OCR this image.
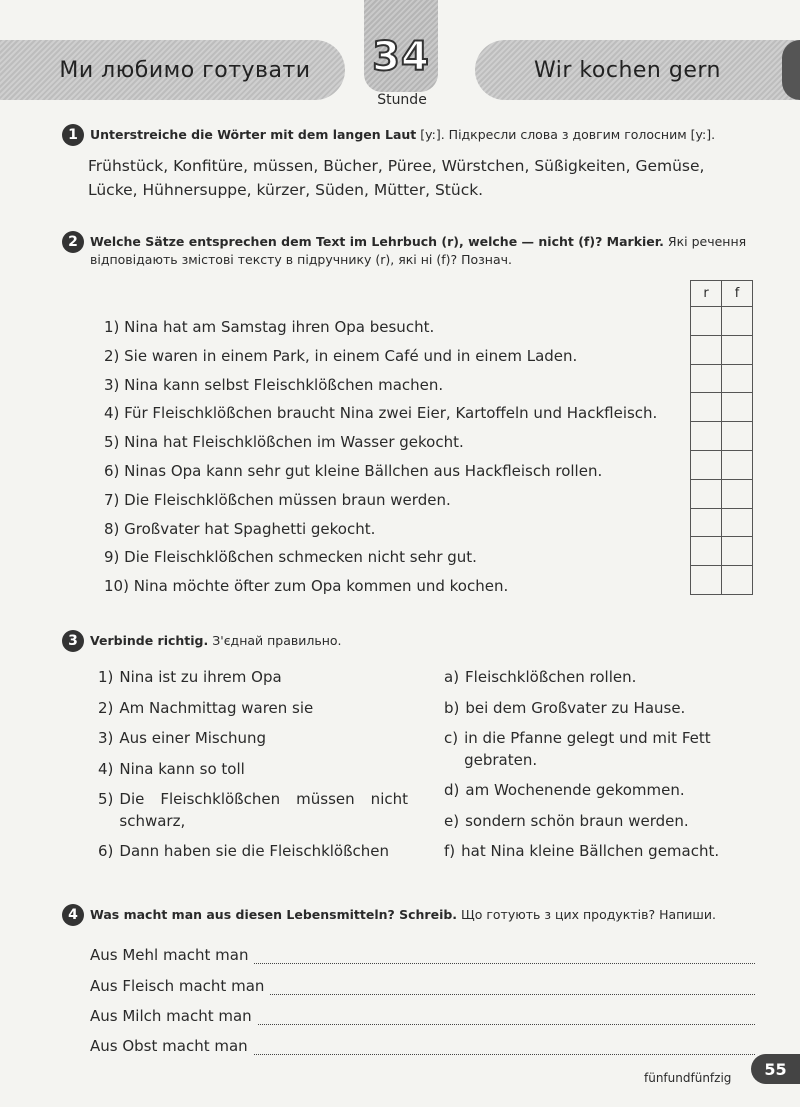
Ми любимо готувати	Wir kochen gern
34
Stunde
1 Unterstreiche die Wörter mit dem langen Laut [y:]. Підкресли слова з довгим голосним [y:].
Frühstück, Konfitüre, müssen, Bücher, Püree, Würstchen, Süßigkeiten, Gemüse, Lücke, Hühnersuppe, kürzer, Süden, Mütter, Stück.
2 Welche Sätze entsprechen dem Text im Lehrbuch (r), welche — nicht (f)? Markier. Які речення відповідають змістові тексту в підручнику (r), які ні (f)? Познач.
1) Nina hat am Samstag ihren Opa besucht.
2) Sie waren in einem Park, in einem Café und in einem Laden.
3) Nina kann selbst Fleischklößchen machen.
4) Für Fleischklößchen braucht Nina zwei Eier, Kartoffeln und Hackfleisch.
5) Nina hat Fleischklößchen im Wasser gekocht.
6) Ninas Opa kann sehr gut kleine Bällchen aus Hackfleisch rollen.
7) Die Fleischklößchen müssen braun werden.
8) Großvater hat Spaghetti gekocht.
9) Die Fleischklößchen schmecken nicht sehr gut.
10) Nina möchte öfter zum Opa kommen und kochen.
r	f

3 Verbinde richtig. З'єднай правильно.
1) Nina ist zu ihrem Opa
2) Am Nachmittag waren sie
3) Aus einer Mischung
4) Nina kann so toll
5) Die Fleischklößchen müssen nicht schwarz,
6) Dann haben sie die Fleischklößchen
a) Fleischklößchen rollen.
b) bei dem Großvater zu Hause.
c) in die Pfanne gelegt und mit Fett gebraten.
d) am Wochenende gekommen.
e) sondern schön braun werden.
f) hat Nina kleine Bällchen gemacht.
4 Was macht man aus diesen Lebensmitteln? Schreib. Що готують з цих продуктів? Напиши.
Aus Mehl macht man
Aus Fleisch macht man
Aus Milch macht man
Aus Obst macht man
fünfundfünfzig 55
